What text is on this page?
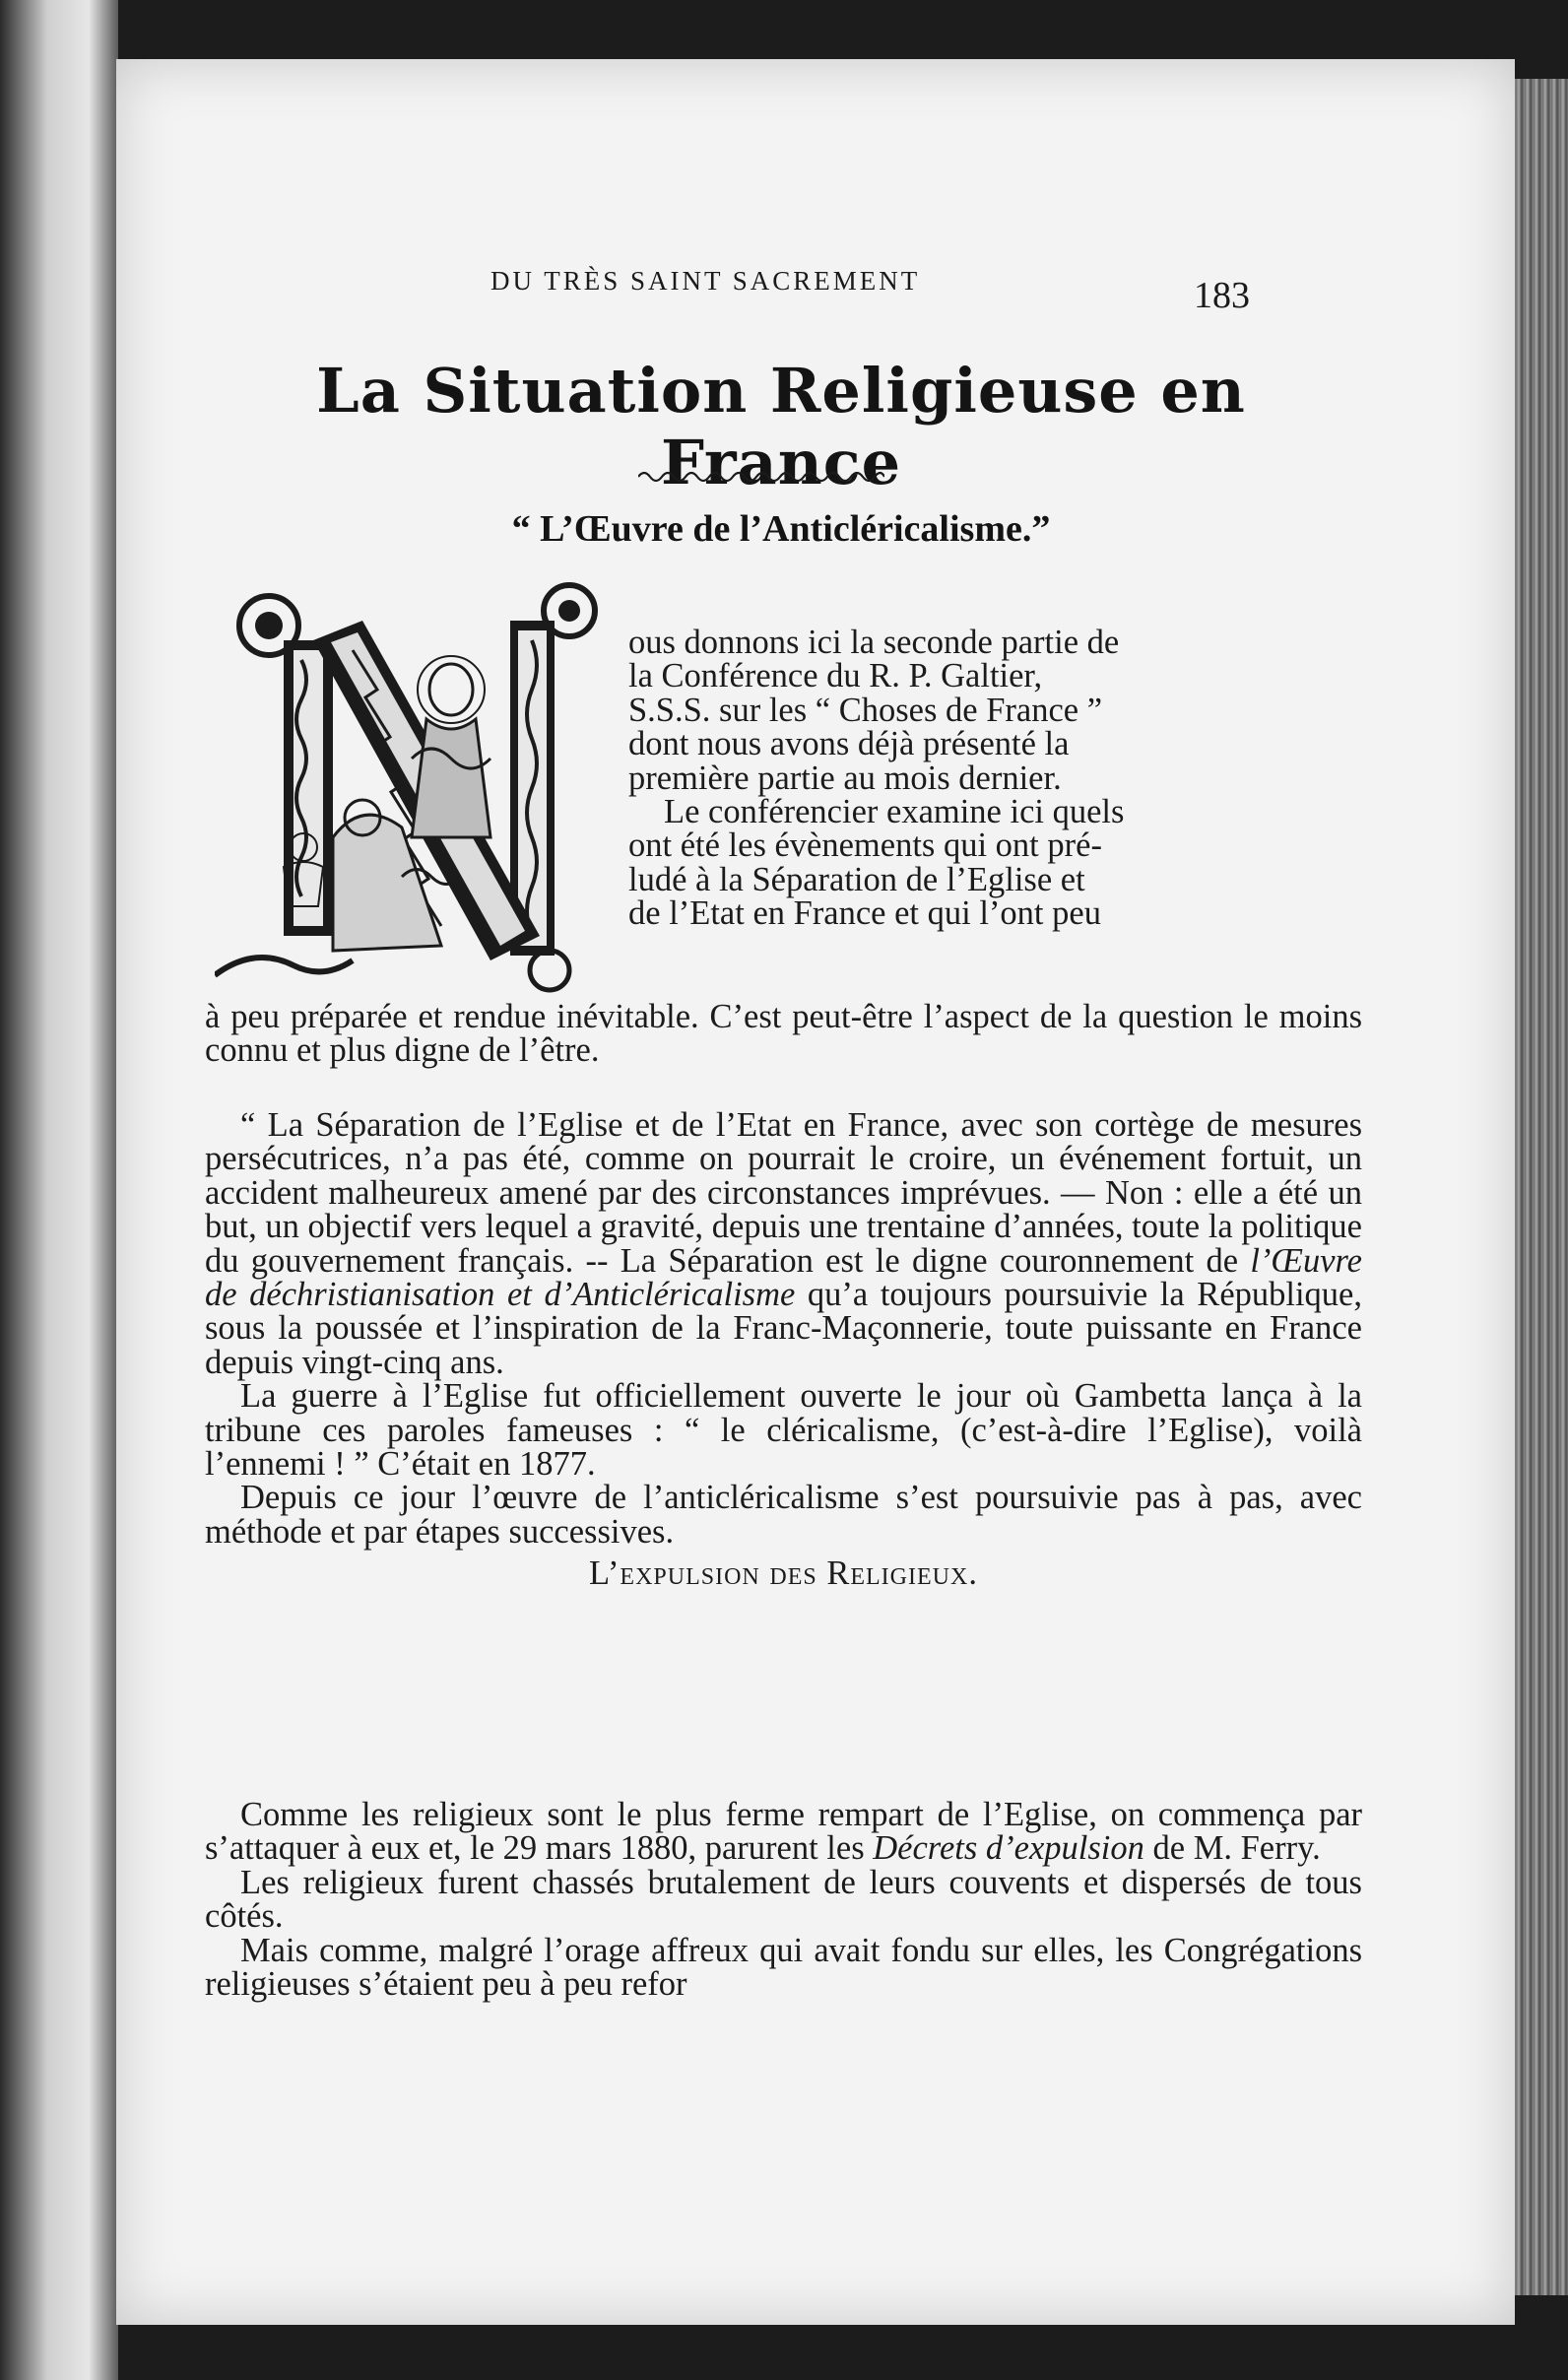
DU TRÈS SAINT SACREMENT	183
La Situation Religieuse en France
“ L’Œuvre de l’Anticléricalisme.”
ous donnons ici la seconde partie de
la Conférence du R. P. Galtier,
S.S.S. sur les “ Choses de France ”
dont nous avons déjà présenté la
première partie au mois dernier.
Le conférencier examine ici quels
ont été les évènements qui ont pré-
ludé à la Séparation de l’Eglise et
de l’Etat en France et qui l’ont peu

à peu préparée et rendue inévitable. C’est peut-être l’aspect de la question le moins connu et plus digne de l’être.

“ La Séparation de l’Eglise et de l’Etat en France, avec son cortège de mesures persécutrices, n’a pas été, comme on pourrait le croire, un événement fortuit, un accident malheureux amené par des circonstances imprévues. — Non : elle a été un but, un objectif vers lequel a gravité, depuis une trentaine d’années, toute la politique du gouvernement français. -- La Séparation est le digne couronnement de l’Œuvre de déchristianisation et d’Anticléricalisme qu’a toujours poursuivie la République, sous la poussée et l’inspiration de la Franc-Maçonnerie, toute puissante en France depuis vingt-cinq ans.

La guerre à l’Eglise fut officiellement ouverte le jour où Gambetta lança à la tribune ces paroles fameuses : “ le cléricalisme, (c’est-à-dire l’Eglise), voilà l’ennemi ! ” C’était en 1877.

Depuis ce jour l’œuvre de l’anticléricalisme s’est poursuivie pas à pas, avec méthode et par étapes successives.

L’expulsion des Religieux.

Comme les religieux sont le plus ferme rempart de l’Eglise, on commença par s’attaquer à eux et, le 29 mars 1880, parurent les Décrets d’expulsion de M. Ferry.

Les religieux furent chassés brutalement de leurs couvents et dispersés de tous côtés.

Mais comme, malgré l’orage affreux qui avait fondu sur elles, les Congrégations religieuses s’étaient peu à peu refor
